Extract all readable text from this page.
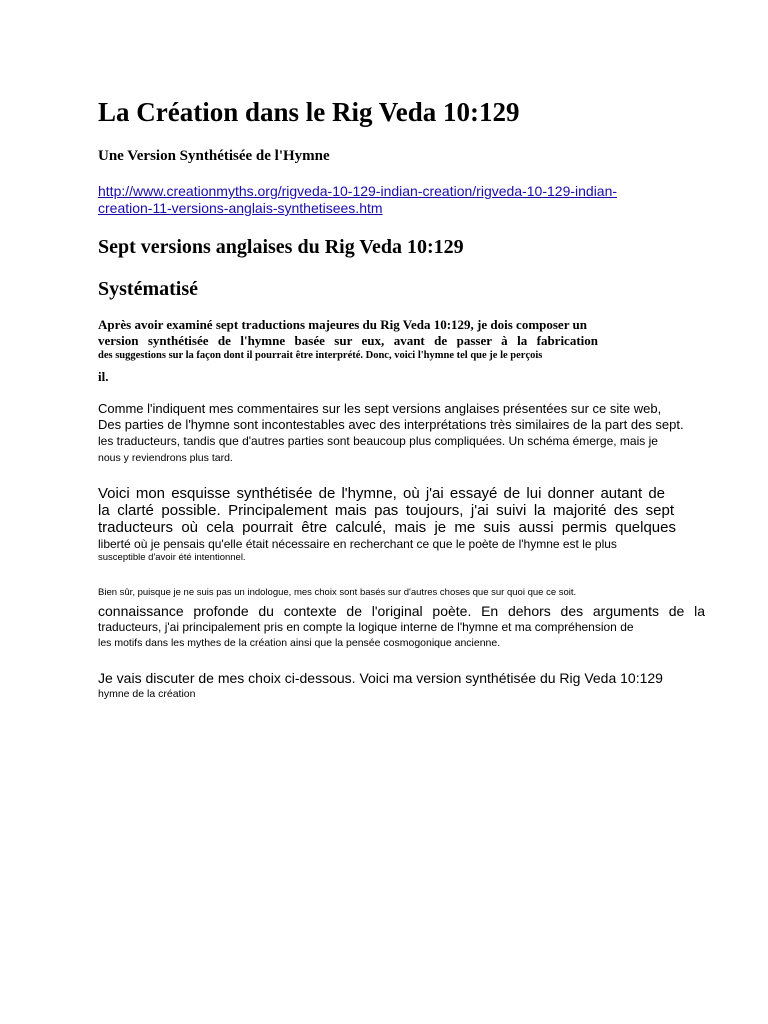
La Création dans le Rig Veda 10:129
Une Version Synthétisée de l'Hymne
http://www.creationmyths.org/rigveda-10-129-indian-creation/rigveda-10-129-indian-
creation-11-versions-anglais-synthetisees.htm
Sept versions anglaises du Rig Veda 10:129
Systématisé
Après avoir examiné sept traductions majeures du Rig Veda 10:129, je dois composer un
version synthétisée de l'hymne basée sur eux, avant de passer à la fabrication
des suggestions sur la façon dont il pourrait être interprété. Donc, voici l'hymne tel que je le perçois
il.
Comme l'indiquent mes commentaires sur les sept versions anglaises présentées sur ce site web,
Des parties de l'hymne sont incontestables avec des interprétations très similaires de la part des sept.
les traducteurs, tandis que d'autres parties sont beaucoup plus compliquées. Un schéma émerge, mais je
nous y reviendrons plus tard.
Voici mon esquisse synthétisée de l'hymne, où j'ai essayé de lui donner autant de
la clarté possible. Principalement mais pas toujours, j'ai suivi la majorité des sept
traducteurs où cela pourrait être calculé, mais je me suis aussi permis quelques
liberté où je pensais qu'elle était nécessaire en recherchant ce que le poète de l'hymne est le plus
susceptible d'avoir été intentionnel.
Bien sûr, puisque je ne suis pas un indologue, mes choix sont basés sur d'autres choses que sur quoi que ce soit.
connaissance profonde du contexte de l'original poète. En dehors des arguments de la
traducteurs, j'ai principalement pris en compte la logique interne de l'hymne et ma compréhension de
les motifs dans les mythes de la création ainsi que la pensée cosmogonique ancienne.
Je vais discuter de mes choix ci-dessous. Voici ma version synthétisée du Rig Veda 10:129
hymne de la création
